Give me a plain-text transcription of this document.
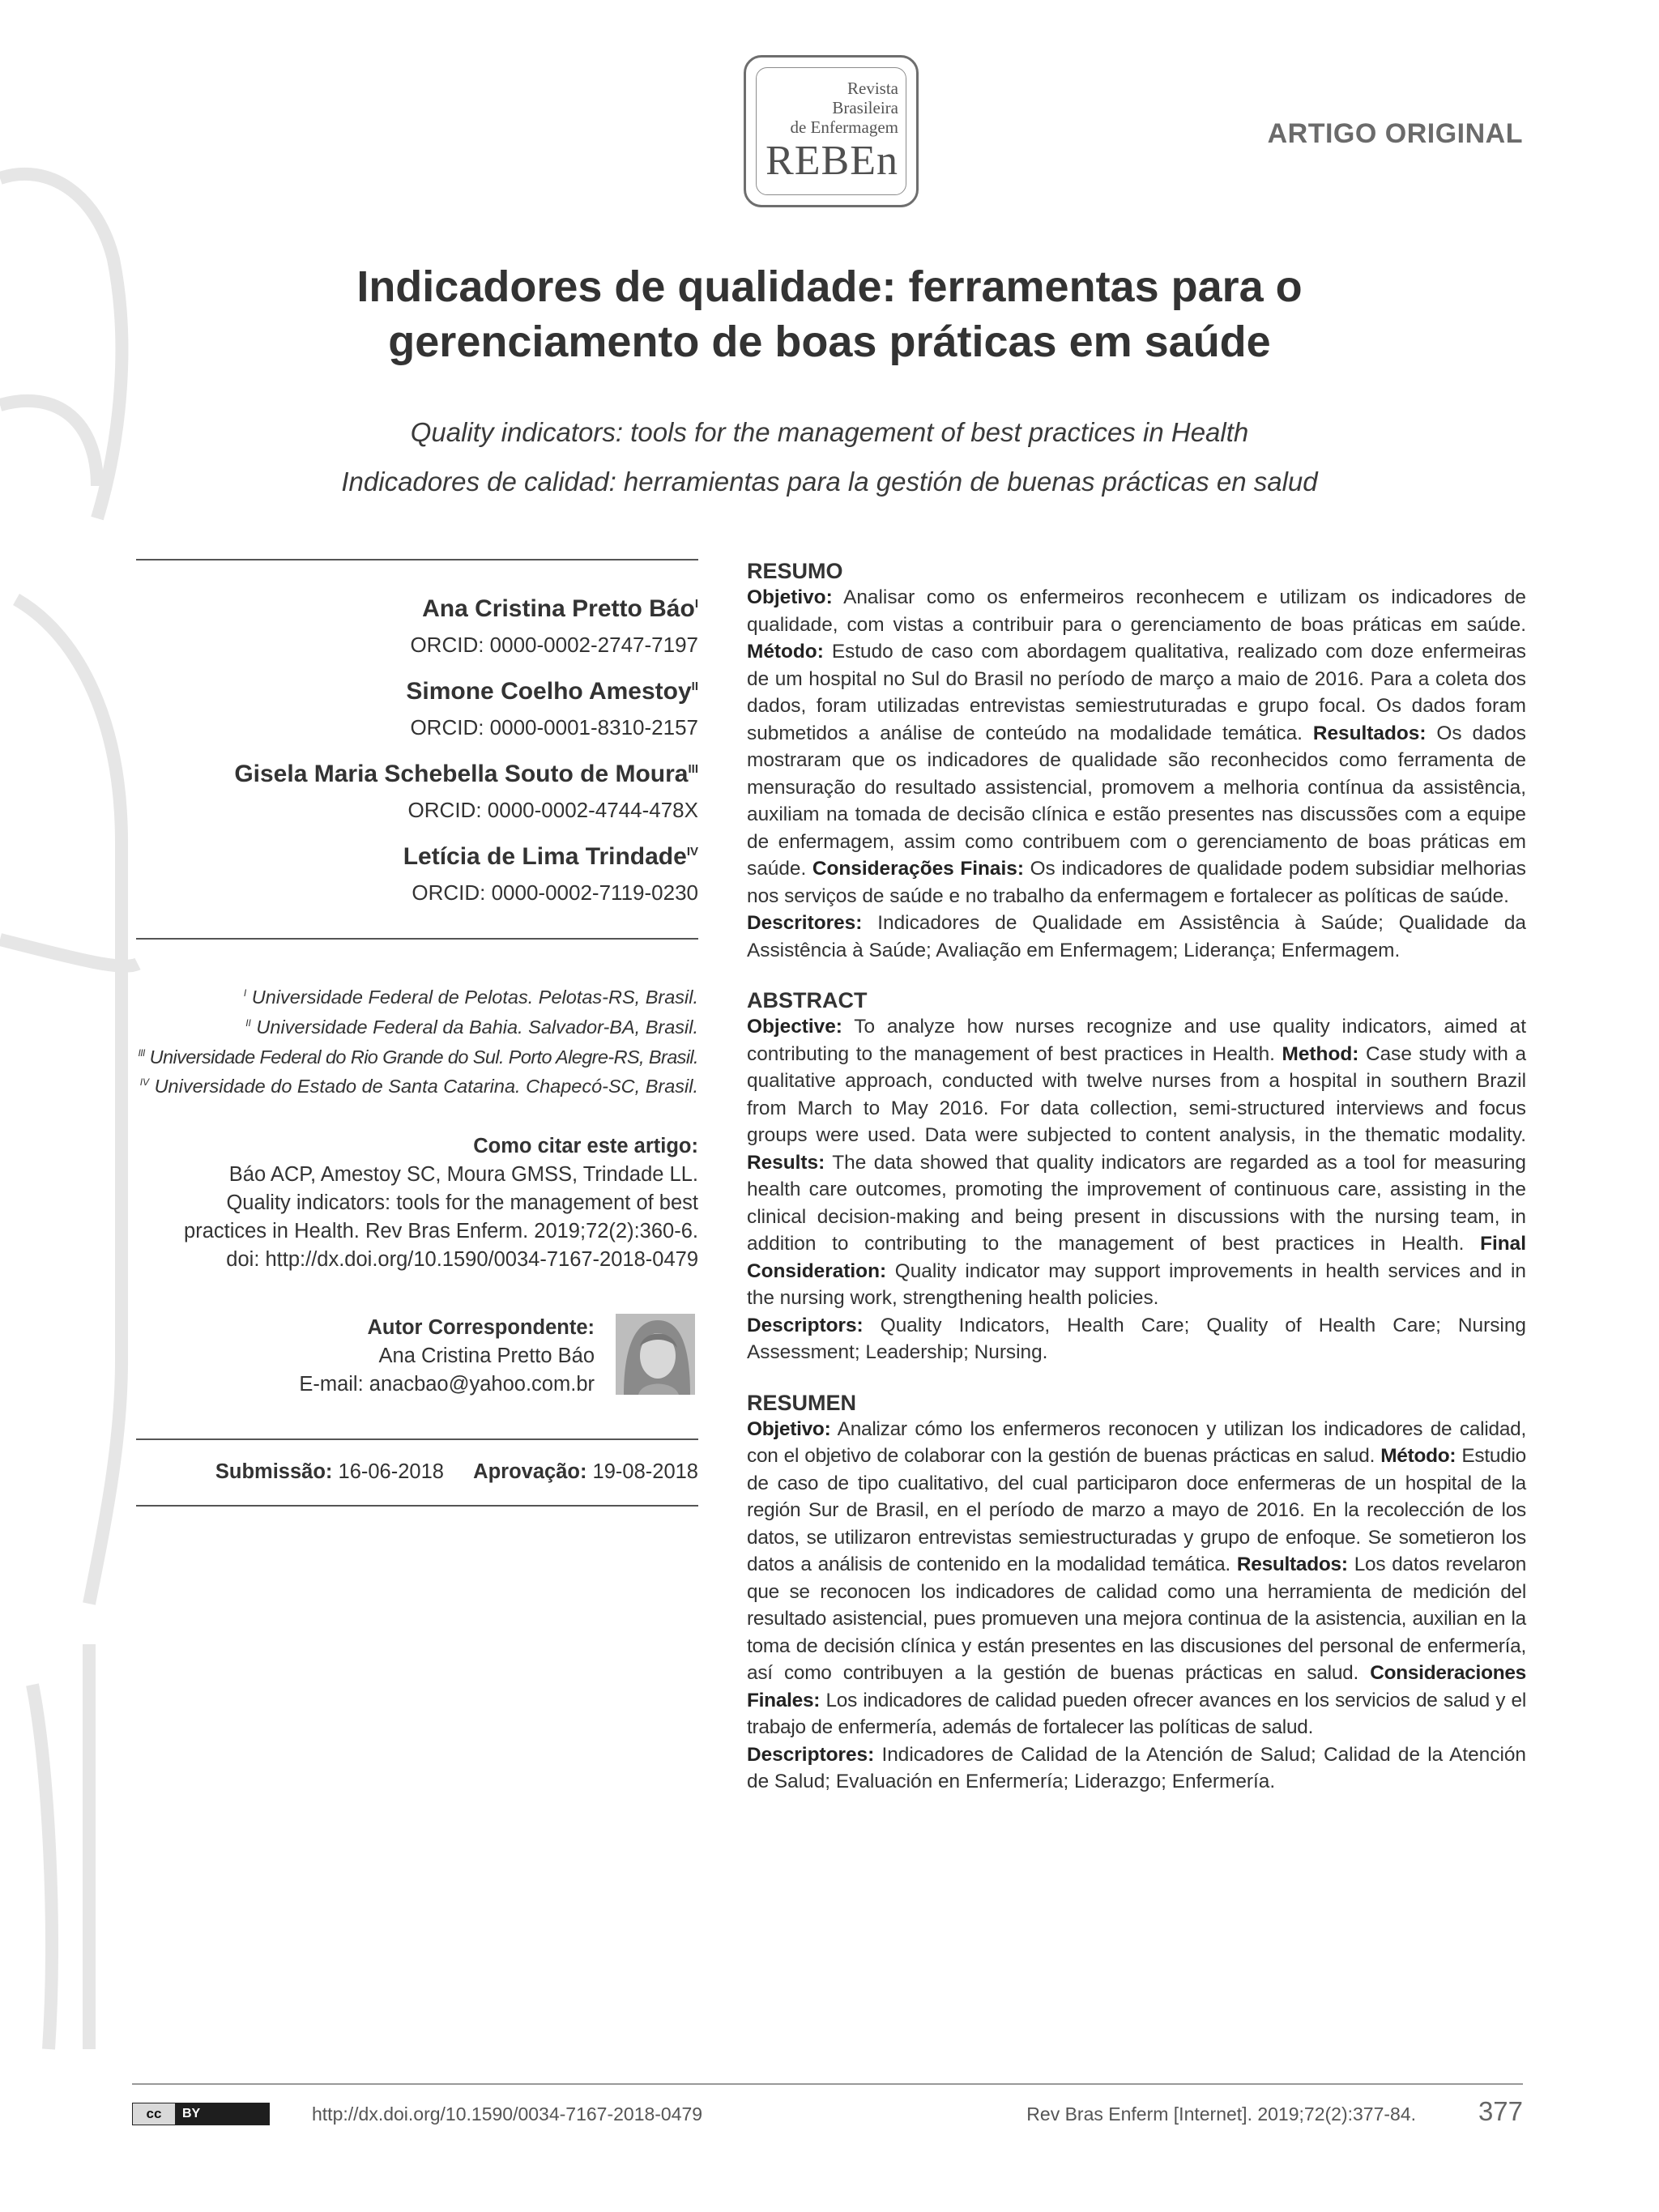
Revista
Brasileira
de Enfermagem
REBEn
ARTIGO ORIGINAL
Indicadores de qualidade: ferramentas para o
gerenciamento de boas práticas em saúde
Quality indicators: tools for the management of best practices in Health
Indicadores de calidad: herramientas para la gestión de buenas prácticas en salud
Ana Cristina Pretto Báo$^I$
ORCID: 0000-0002-2747-7197
Simone Coelho Amestoy$^{II}$
ORCID: 0000-0001-8310-2157
Gisela Maria Schebella Souto de Moura$^{III}$
ORCID: 0000-0002-4744-478X
Letícia de Lima Trindade$^{IV}$
ORCID: 0000-0002-7119-0230
$^I$ Universidade Federal de Pelotas. Pelotas-RS, Brasil.
$^{II}$ Universidade Federal da Bahia. Salvador-BA, Brasil.
$^{III}$ Universidade Federal do Rio Grande do Sul. Porto Alegre-RS, Brasil.
$^{IV}$ Universidade do Estado de Santa Catarina. Chapecó-SC, Brasil.
Como citar este artigo:
Báo ACP, Amestoy SC, Moura GMSS, Trindade LL.
Quality indicators: tools for the management of best
practices in Health. Rev Bras Enferm. 2019;72(2):360-6.
doi: http://dx.doi.org/10.1590/0034-7167-2018-0479
Autor Correspondente:
Ana Cristina Pretto Báo
E-mail: anacbao@yahoo.com.br
Submissão: 16-06-2018 Aprovação: 19-08-2018
RESUMO
Objetivo: Analisar como os enfermeiros reconhecem e utilizam os indicadores de qualidade, com vistas a contribuir para o gerenciamento de boas práticas em saúde. Método: Estudo de caso com abordagem qualitativa, realizado com doze enfermeiras de um hospital no Sul do Brasil no período de março a maio de 2016. Para a coleta dos dados, foram utilizadas entrevistas semiestruturadas e grupo focal. Os dados foram submetidos a análise de conteúdo na modalidade temática. Resultados: Os dados mostraram que os indicadores de qualidade são reconhecidos como ferramenta de mensuração do resultado assistencial, promovem a melhoria contínua da assistência, auxiliam na tomada de decisão clínica e estão presentes nas discussões com a equipe de enfermagem, assim como contribuem com o gerenciamento de boas práticas em saúde. Considerações Finais: Os indicadores de qualidade podem subsidiar melhorias nos serviços de saúde e no trabalho da enfermagem e fortalecer as políticas de saúde.
Descritores: Indicadores de Qualidade em Assistência à Saúde; Qualidade da Assistência à Saúde; Avaliação em Enfermagem; Liderança; Enfermagem.
ABSTRACT
Objective: To analyze how nurses recognize and use quality indicators, aimed at contributing to the management of best practices in Health. Method: Case study with a qualitative approach, conducted with twelve nurses from a hospital in southern Brazil from March to May 2016. For data collection, semi-structured interviews and focus groups were used. Data were subjected to content analysis, in the thematic modality. Results: The data showed that quality indicators are regarded as a tool for measuring health care outcomes, promoting the improvement of continuous care, assisting in the clinical decision-making and being present in discussions with the nursing team, in addition to contributing to the management of best practices in Health. Final Consideration: Quality indicator may support improvements in health services and in the nursing work, strengthening health policies.
Descriptors: Quality Indicators, Health Care; Quality of Health Care; Nursing Assessment; Leadership; Nursing.
RESUMEN
Objetivo: Analizar cómo los enfermeros reconocen y utilizan los indicadores de calidad, con el objetivo de colaborar con la gestión de buenas prácticas en salud. Método: Estudio de caso de tipo cualitativo, del cual participaron doce enfermeras de un hospital de la región Sur de Brasil, en el período de marzo a mayo de 2016. En la recolección de los datos, se utilizaron entrevistas semiestructuradas y grupo de enfoque. Se sometieron los datos a análisis de contenido en la modalidad temática. Resultados: Los datos revelaron que se reconocen los indicadores de calidad como una herramienta de medición del resultado asistencial, pues promueven una mejora continua de la asistencia, auxilian en la toma de decisión clínica y están presentes en las discusiones del personal de enfermería, así como contribuyen a la gestión de buenas prácticas en salud. Consideraciones Finales: Los indicadores de calidad pueden ofrecer avances en los servicios de salud y el trabajo de enfermería, además de fortalecer las políticas de salud.
Descriptores: Indicadores de Calidad de la Atención de Salud; Calidad de la Atención de Salud; Evaluación en Enfermería; Liderazgo; Enfermería.
cc	BY	http://dx.doi.org/10.1590/0034-7167-2018-0479	Rev Bras Enferm [Internet]. 2019;72(2):377-84. 377
